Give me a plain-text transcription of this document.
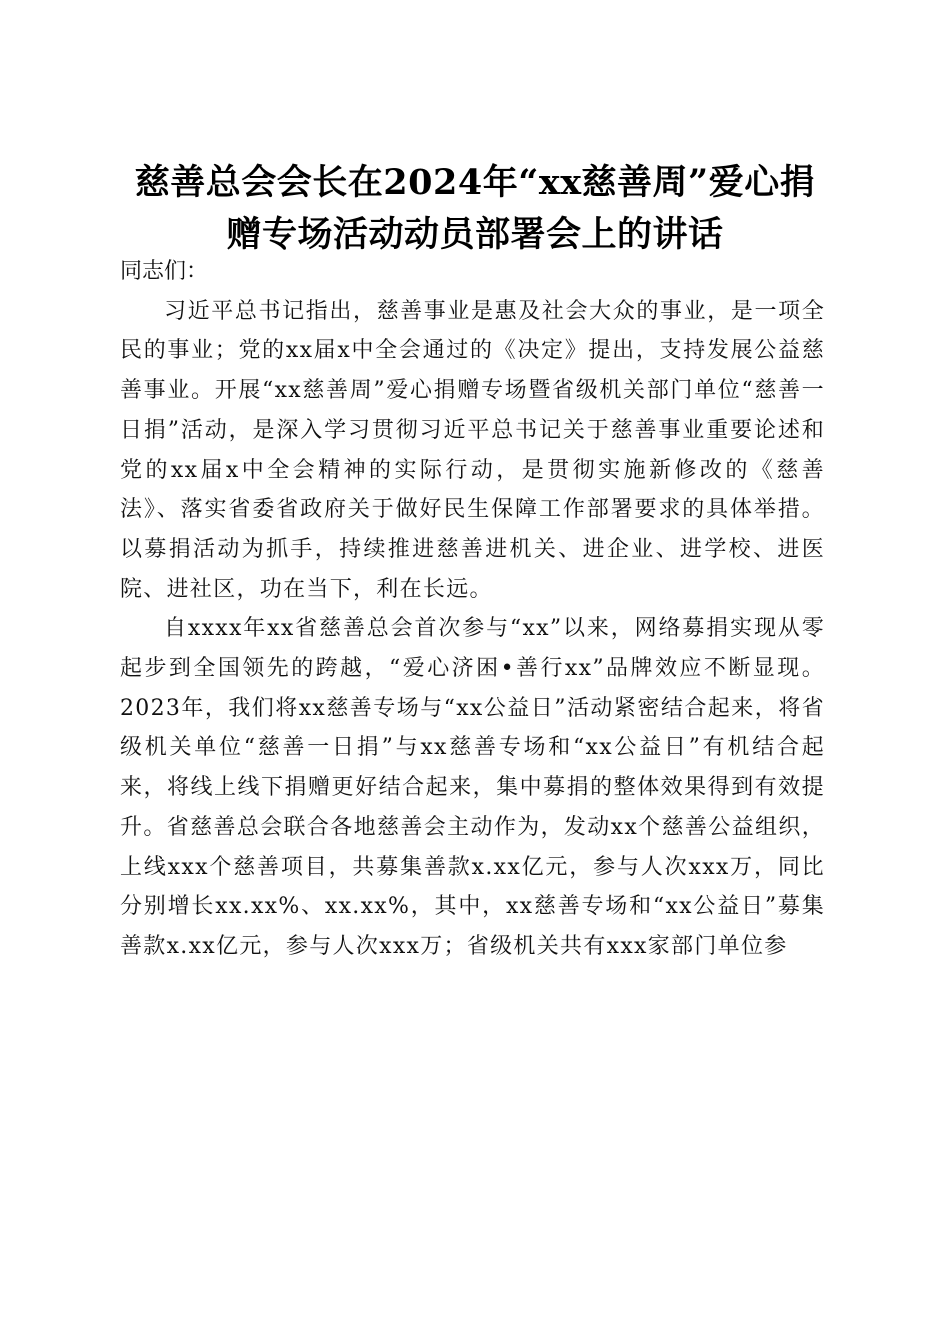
慈善总会会长在2024年“xx慈善周”爱心捐
赠专场活动动员部署会上的讲话

同志们：

习近平总书记指出，慈善事业是惠及社会大众的事业，是一项全民的事业；党的xx届x中全会通过的《决定》提出，支持发展公益慈善事业。开展“xx慈善周”爱心捐赠专场暨省级机关部门单位“慈善一日捐”活动，是深入学习贯彻习近平总书记关于慈善事业重要论述和党的xx届x中全会精神的实际行动，是贯彻实施新修改的《慈善法》、落实省委省政府关于做好民生保障工作部署要求的具体举措。以募捐活动为抓手，持续推进慈善进机关、进企业、进学校、进医院、进社区，功在当下，利在长远。

自xxxx年xx省慈善总会首次参与“xx”以来，网络募捐实现从零起步到全国领先的跨越，“爱心济困•善行xx”品牌效应不断显现。2023年，我们将xx慈善专场与“xx公益日”活动紧密结合起来，将省级机关单位“慈善一日捐”与xx慈善专场和“xx公益日”有机结合起来，将线上线下捐赠更好结合起来，集中募捐的整体效果得到有效提升。省慈善总会联合各地慈善会主动作为，发动xx个慈善公益组织，上线xxx个慈善项目，共募集善款x.xx亿元，参与人次xxx万，同比分别增长xx.xx%、xx.xx%，其中，xx慈善专场和“xx公益日”募集善款x.xx亿元，参与人次xxx万；省级机关共有xxx家部门单位参
